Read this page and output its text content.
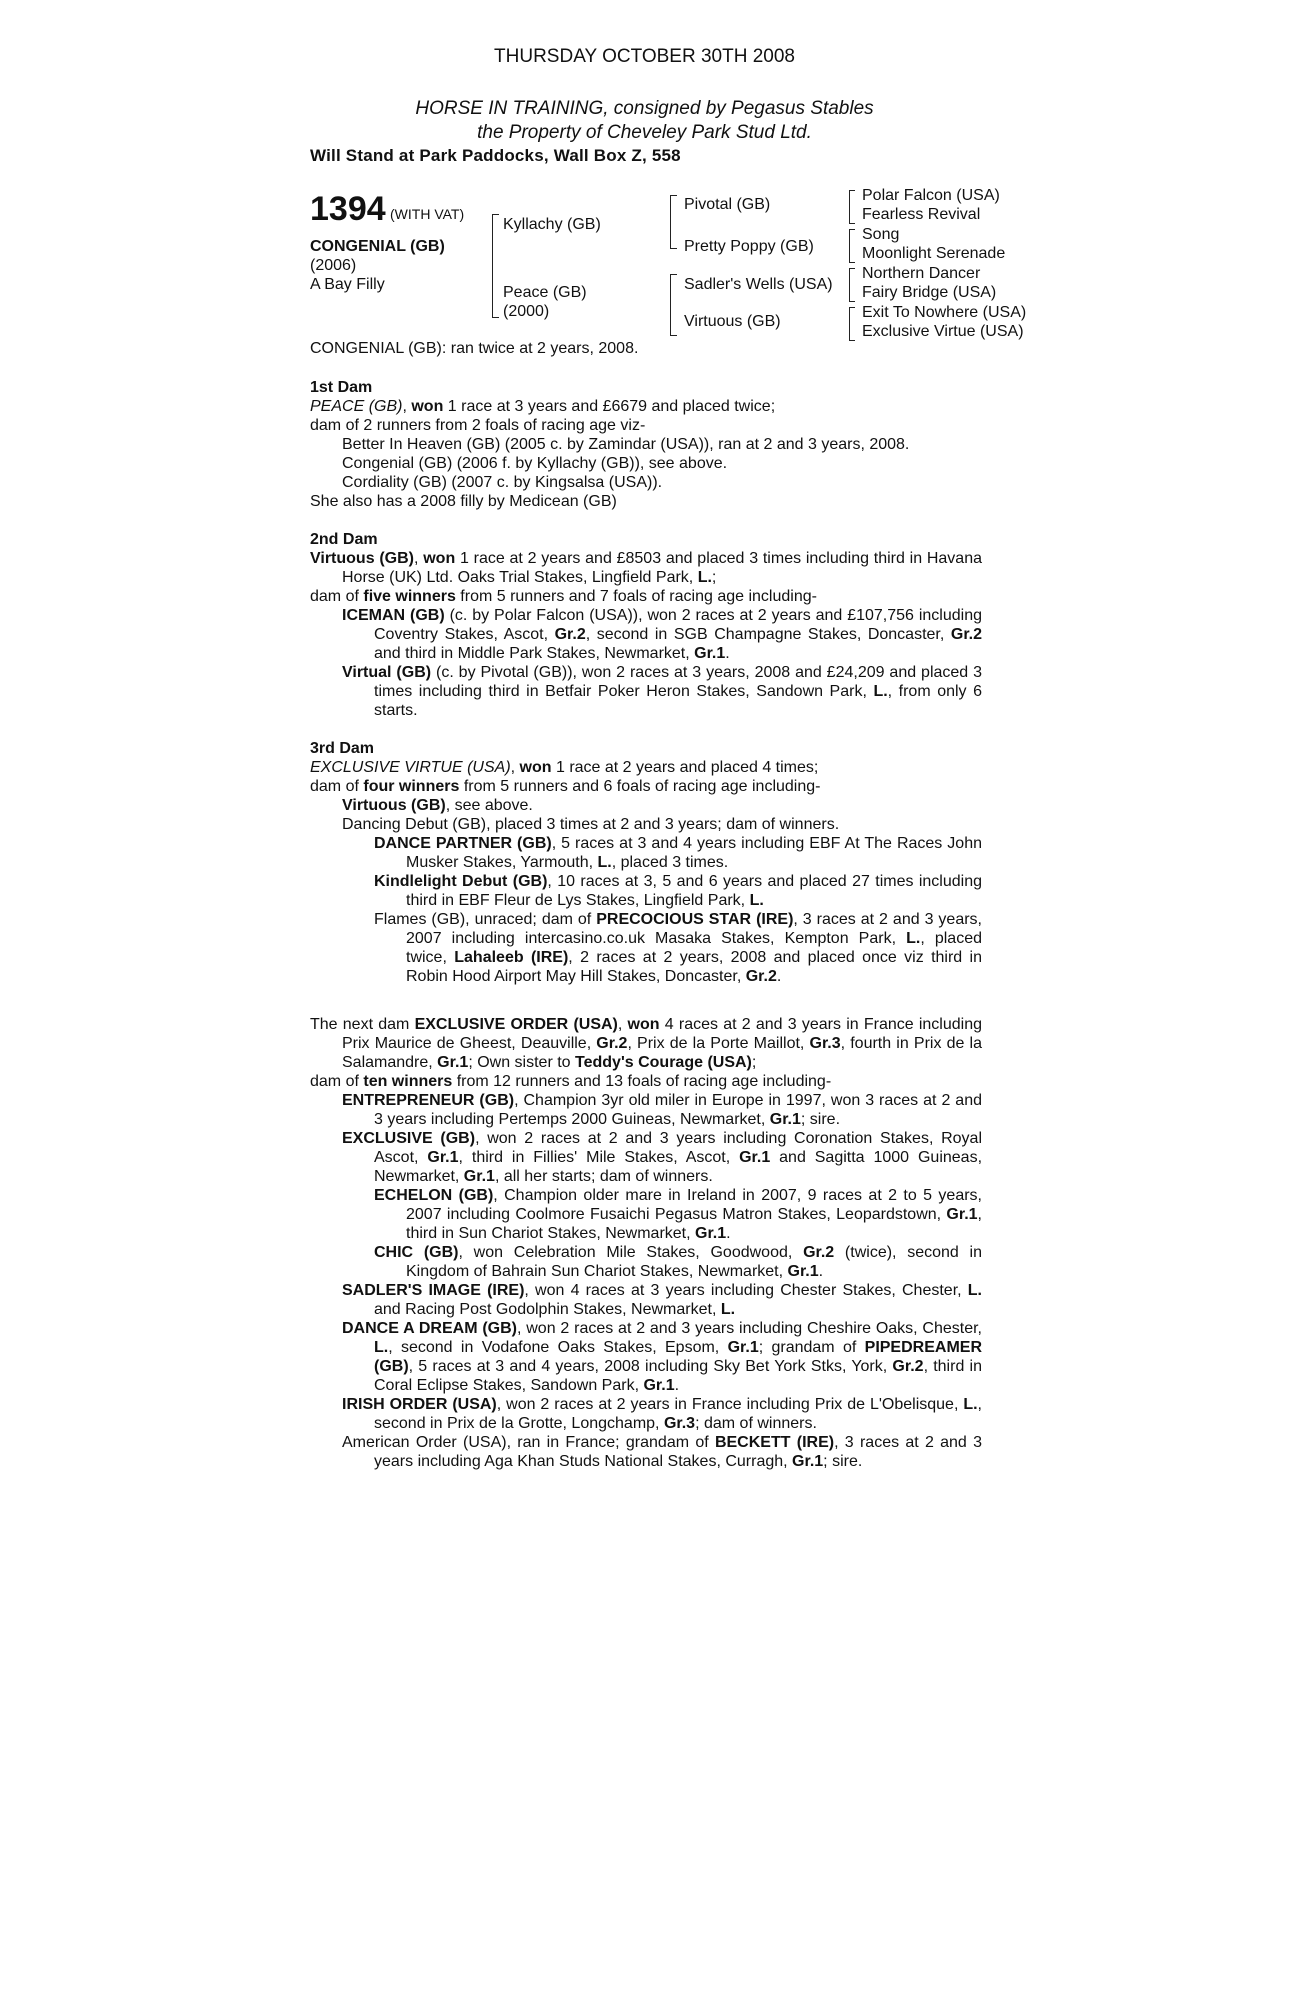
THURSDAY OCTOBER 30TH 2008
HORSE IN TRAINING, consigned by Pegasus Stables
the Property of Cheveley Park Stud Ltd.
Will Stand at Park Paddocks, Wall Box Z, 558
1394 (WITH VAT)
CONGENIAL (GB)
(2006)
A Bay Filly
Kyllachy (GB)
Peace (GB)
(2000)
Pivotal (GB)
Pretty Poppy (GB)
Sadler's Wells (USA)
Virtuous (GB)
Polar Falcon (USA)
Fearless Revival
Song
Moonlight Serenade
Northern Dancer
Fairy Bridge (USA)
Exit To Nowhere (USA)
Exclusive Virtue (USA)
CONGENIAL (GB): ran twice at 2 years, 2008.

1st Dam

PEACE (GB), won 1 race at 3 years and £6679 and placed twice;

dam of 2 runners from 2 foals of racing age viz-

Better In Heaven (GB) (2005 c. by Zamindar (USA)), ran at 2 and 3 years, 2008.

Congenial (GB) (2006 f. by Kyllachy (GB)), see above.

Cordiality (GB) (2007 c. by Kingsalsa (USA)).

She also has a 2008 filly by Medicean (GB)

2nd Dam

Virtuous (GB), won 1 race at 2 years and £8503 and placed 3 times including third in Havana Horse (UK) Ltd. Oaks Trial Stakes, Lingfield Park, L.;

dam of five winners from 5 runners and 7 foals of racing age including-

ICEMAN (GB) (c. by Polar Falcon (USA)), won 2 races at 2 years and £107,756 including Coventry Stakes, Ascot, Gr.2, second in SGB Champagne Stakes, Doncaster, Gr.2 and third in Middle Park Stakes, Newmarket, Gr.1.

Virtual (GB) (c. by Pivotal (GB)), won 2 races at 3 years, 2008 and £24,209 and placed 3 times including third in Betfair Poker Heron Stakes, Sandown Park, L., from only 6 starts.

3rd Dam

EXCLUSIVE VIRTUE (USA), won 1 race at 2 years and placed 4 times;

dam of four winners from 5 runners and 6 foals of racing age including-

Virtuous (GB), see above.

Dancing Debut (GB), placed 3 times at 2 and 3 years; dam of winners.

DANCE PARTNER (GB), 5 races at 3 and 4 years including EBF At The Races John Musker Stakes, Yarmouth, L., placed 3 times.

Kindlelight Debut (GB), 10 races at 3, 5 and 6 years and placed 27 times including third in EBF Fleur de Lys Stakes, Lingfield Park, L.

Flames (GB), unraced; dam of PRECOCIOUS STAR (IRE), 3 races at 2 and 3 years, 2007 including intercasino.co.uk Masaka Stakes, Kempton Park, L., placed twice, Lahaleeb (IRE), 2 races at 2 years, 2008 and placed once viz third in Robin Hood Airport May Hill Stakes, Doncaster, Gr.2.

The next dam EXCLUSIVE ORDER (USA), won 4 races at 2 and 3 years in France including Prix Maurice de Gheest, Deauville, Gr.2, Prix de la Porte Maillot, Gr.3, fourth in Prix de la Salamandre, Gr.1; Own sister to Teddy's Courage (USA);

dam of ten winners from 12 runners and 13 foals of racing age including-

ENTREPRENEUR (GB), Champion 3yr old miler in Europe in 1997, won 3 races at 2 and 3 years including Pertemps 2000 Guineas, Newmarket, Gr.1; sire.

EXCLUSIVE (GB), won 2 races at 2 and 3 years including Coronation Stakes, Royal Ascot, Gr.1, third in Fillies' Mile Stakes, Ascot, Gr.1 and Sagitta 1000 Guineas, Newmarket, Gr.1, all her starts; dam of winners.

ECHELON (GB), Champion older mare in Ireland in 2007, 9 races at 2 to 5 years, 2007 including Coolmore Fusaichi Pegasus Matron Stakes, Leopardstown, Gr.1, third in Sun Chariot Stakes, Newmarket, Gr.1.

CHIC (GB), won Celebration Mile Stakes, Goodwood, Gr.2 (twice), second in Kingdom of Bahrain Sun Chariot Stakes, Newmarket, Gr.1.

SADLER'S IMAGE (IRE), won 4 races at 3 years including Chester Stakes, Chester, L. and Racing Post Godolphin Stakes, Newmarket, L.

DANCE A DREAM (GB), won 2 races at 2 and 3 years including Cheshire Oaks, Chester, L., second in Vodafone Oaks Stakes, Epsom, Gr.1; grandam of PIPEDREAMER (GB), 5 races at 3 and 4 years, 2008 including Sky Bet York Stks, York, Gr.2, third in Coral Eclipse Stakes, Sandown Park, Gr.1.

IRISH ORDER (USA), won 2 races at 2 years in France including Prix de L'Obelisque, L., second in Prix de la Grotte, Longchamp, Gr.3; dam of winners.

American Order (USA), ran in France; grandam of BECKETT (IRE), 3 races at 2 and 3 years including Aga Khan Studs National Stakes, Curragh, Gr.1; sire.
